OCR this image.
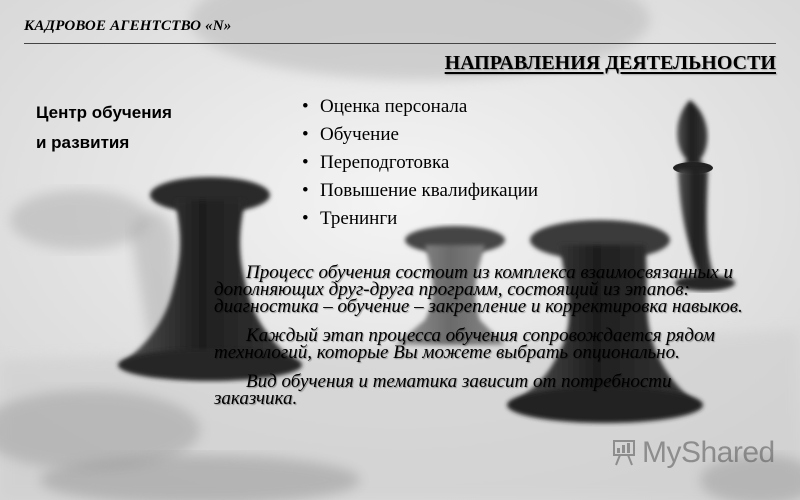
КАДРОВОЕ АГЕНТСТВО «N»
НАПРАВЛЕНИЯ ДЕЯТЕЛЬНОСТИ
Центр обучения
и развития
• Оценка персонала
• Обучение
• Переподготовка
• Повышение квалификации
• Тренинги

Процесс обучения состоит из комплекса взаимосвязанных и дополняющих друг-друга программ, состоящий из этапов: диагностика – обучение – закрепление и корректировка навыков.

Каждый этап процесса обучения сопровождается рядом технологий, которые Вы можете выбрать опционально.

Вид обучения и тематика зависит от потребности заказчика.

MyShared
